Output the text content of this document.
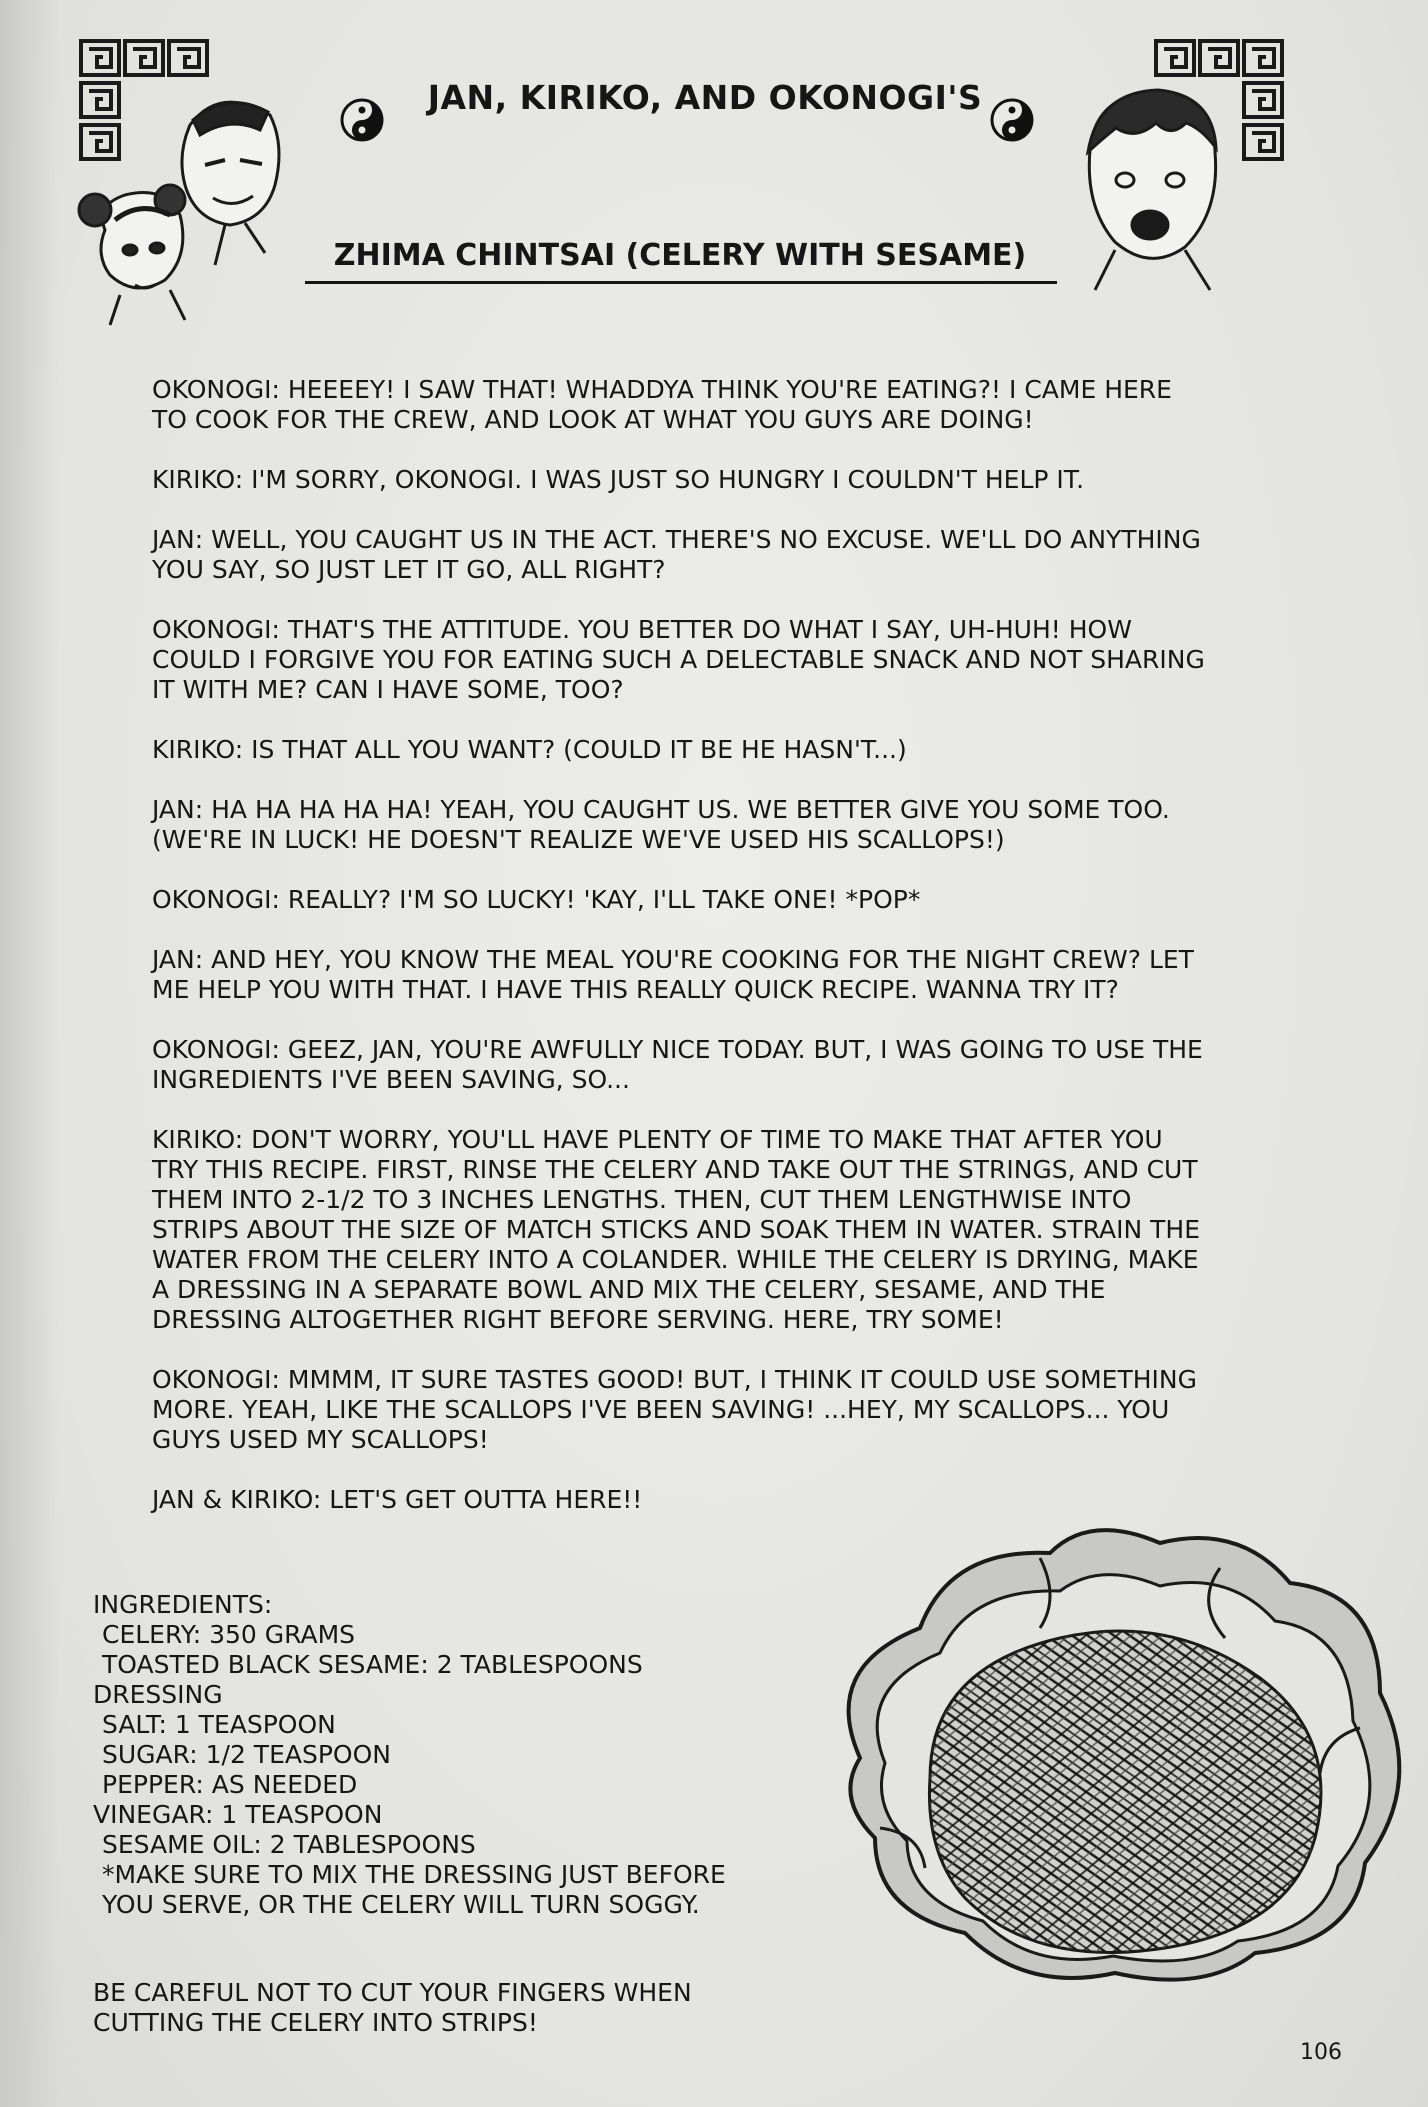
JAN, KIRIKO, AND OKONOGI'S
ZHIMA CHINTSAI (CELERY WITH SESAME)

OKONOGI: HEEEEY! I SAW THAT! WHADDYA THINK YOU'RE EATING?! I CAME HERE TO COOK FOR THE CREW, AND LOOK AT WHAT YOU GUYS ARE DOING!

KIRIKO: I'M SORRY, OKONOGI. I WAS JUST SO HUNGRY I COULDN'T HELP IT.

JAN: WELL, YOU CAUGHT US IN THE ACT. THERE'S NO EXCUSE. WE'LL DO ANYTHING YOU SAY, SO JUST LET IT GO, ALL RIGHT?

OKONOGI: THAT'S THE ATTITUDE. YOU BETTER DO WHAT I SAY, UH-HUH! HOW COULD I FORGIVE YOU FOR EATING SUCH A DELECTABLE SNACK AND NOT SHARING IT WITH ME? CAN I HAVE SOME, TOO?

KIRIKO: IS THAT ALL YOU WANT? (COULD IT BE HE HASN'T...)

JAN: HA HA HA HA HA! YEAH, YOU CAUGHT US. WE BETTER GIVE YOU SOME TOO. (WE'RE IN LUCK! HE DOESN'T REALIZE WE'VE USED HIS SCALLOPS!)

OKONOGI: REALLY? I'M SO LUCKY! 'KAY, I'LL TAKE ONE! *POP*

JAN: AND HEY, YOU KNOW THE MEAL YOU'RE COOKING FOR THE NIGHT CREW? LET ME HELP YOU WITH THAT. I HAVE THIS REALLY QUICK RECIPE. WANNA TRY IT?

OKONOGI: GEEZ, JAN, YOU'RE AWFULLY NICE TODAY. BUT, I WAS GOING TO USE THE INGREDIENTS I'VE BEEN SAVING, SO...

KIRIKO: DON'T WORRY, YOU'LL HAVE PLENTY OF TIME TO MAKE THAT AFTER YOU TRY THIS RECIPE. FIRST, RINSE THE CELERY AND TAKE OUT THE STRINGS, AND CUT THEM INTO 2-1/2 TO 3 INCHES LENGTHS. THEN, CUT THEM LENGTHWISE INTO STRIPS ABOUT THE SIZE OF MATCH STICKS AND SOAK THEM IN WATER. STRAIN THE WATER FROM THE CELERY INTO A COLANDER. WHILE THE CELERY IS DRYING, MAKE A DRESSING IN A SEPARATE BOWL AND MIX THE CELERY, SESAME, AND THE DRESSING ALTOGETHER RIGHT BEFORE SERVING. HERE, TRY SOME!

OKONOGI: MMMM, IT SURE TASTES GOOD! BUT, I THINK IT COULD USE SOMETHING MORE. YEAH, LIKE THE SCALLOPS I'VE BEEN SAVING! ...HEY, MY SCALLOPS... YOU GUYS USED MY SCALLOPS!

JAN & KIRIKO: LET'S GET OUTTA HERE!!

INGREDIENTS:
CELERY: 350 GRAMS
TOASTED BLACK SESAME: 2 TABLESPOONS
DRESSING
SALT: 1 TEASPOON
SUGAR: 1/2 TEASPOON
PEPPER: AS NEEDED
VINEGAR: 1 TEASPOON
SESAME OIL: 2 TABLESPOONS
*MAKE SURE TO MIX THE DRESSING JUST BEFORE YOU SERVE, OR THE CELERY WILL TURN SOGGY.
BE CAREFUL NOT TO CUT YOUR FINGERS WHEN CUTTING THE CELERY INTO STRIPS!
106
